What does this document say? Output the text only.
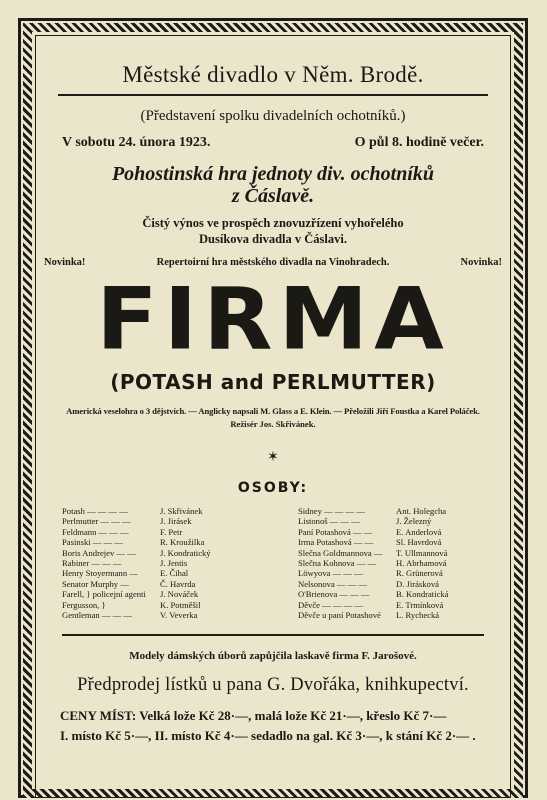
Městské divadlo v Něm. Brodě.
(Představení spolku divadelních ochotníků.)
V sobotu 24. února 1923.	O půl 8. hodině večer.
Pohostinská hra jednoty div. ochotníků
z Čáslavě.
Čistý výnos ve prospěch znovuzřízení vyhořelého
Dusíkova divadla v Čáslavi.
Novinka!	Repertoirní hra městského divadla na Vinohradech.	Novinka!
FIRMA
(POTASH and PERLMUTTER)
Americká veselohra o 3 dějstvích. — Anglicky napsali M. Glass a E. Klein. — Přeložili Jiří Foustka a Karel Poláček.
Režisér Jos. Skřivánek.
✶
OSOBY:
Potash — — — —	J. Skřivánek
Perlmutter — — —	J. Jirásek
Feldmann — — —	F. Petr
Pasinski — — —	R. Kroužilka
Boris Andrejev — —	J. Kondratický
Rabiner — — —	J. Jentis
Henry Stoyermann —	E. Čihal
Senator Murphy —	Č. Havrda
Farell, } policejní agenti	J. Nováček
Fergusson, }	K. Potměšil
Gentleman — — —	V. Veverka
Sidney — — — —	Ant. Holegcha
Listonoš — — —	J. Železný
Paní Potashová — —	E. Anderlová
Irma Potashová — —	Sl. Havrdová
Slečna Goldmannova —	T. Ullmannová
Slečna Kohnova — —	H. Abrhamová
Löwyova — — —	R. Grünerová
Nelsonova — — —	D. Jirásková
O'Brienova — — —	B. Kondratická
Děvče — — — —	E. Trmínková
Děvče u paní Potashové	L. Rychecká
Modely dámských úborů zapůjčila laskavě firma F. Jarošové.
Předprodej lístků u pana G. Dvořáka, knihkupectví.
CENY MÍST: Velká lože Kč 28·—, malá lože Kč 21·—, křeslo Kč 7·—
I. místo Kč 5·—, II. místo Kč 4·— sedadlo na gal. Kč 3·—, k stání Kč 2·— .
